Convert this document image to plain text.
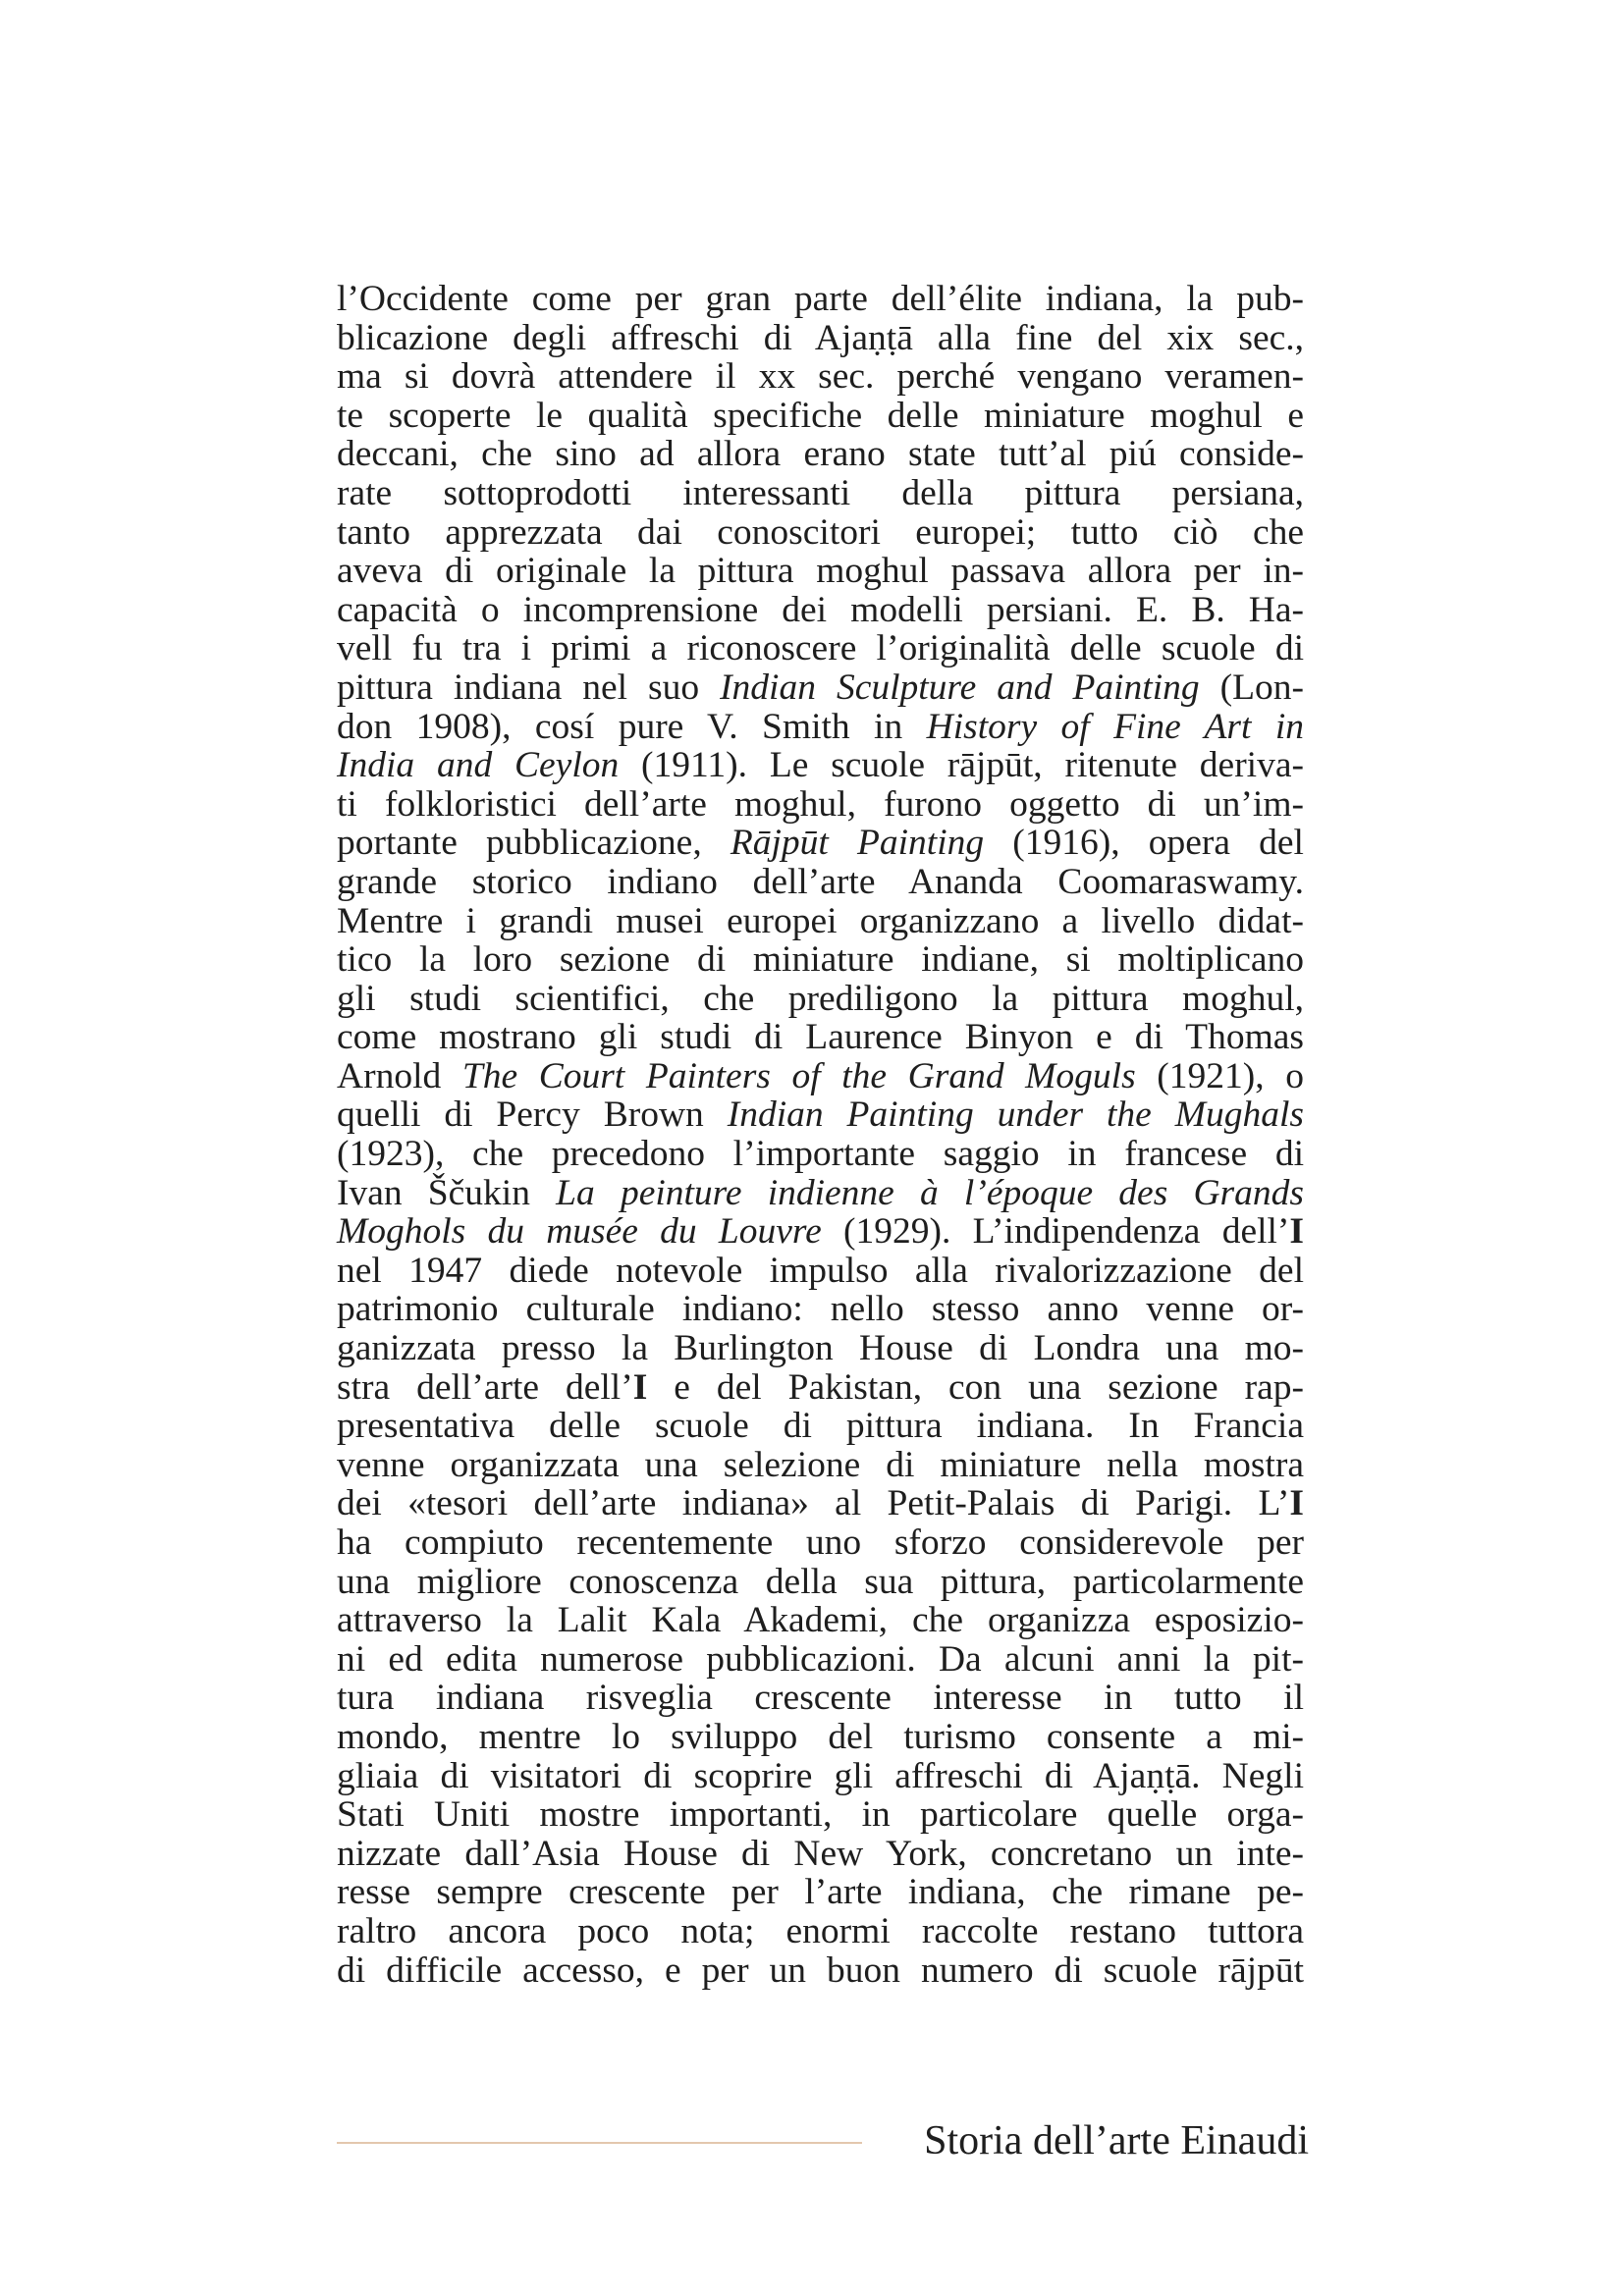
l’Occidente come per gran parte dell’élite indiana, la pub-
blicazione degli affreschi di Ajaṇṭā alla fine del xix sec.,
ma si dovrà attendere il xx sec. perché vengano veramen-
te scoperte le qualità specifiche delle miniature moghul e
deccani, che sino ad allora erano state tutt’al piú conside-
rate sottoprodotti interessanti della pittura persiana,
tanto apprezzata dai conoscitori europei; tutto ciò che
aveva di originale la pittura moghul passava allora per in-
capacità o incomprensione dei modelli persiani. E. B. Ha-
vell fu tra i primi a riconoscere l’originalità delle scuole di
pittura indiana nel suo Indian Sculpture and Painting (Lon-
don 1908), cosí pure V. Smith in History of Fine Art in
India and Ceylon (1911). Le scuole rājpūt, ritenute deriva-
ti folkloristici dell’arte moghul, furono oggetto di un’im-
portante pubblicazione, Rājpūt Painting (1916), opera del
grande storico indiano dell’arte Ananda Coomaraswamy.
Mentre i grandi musei europei organizzano a livello didat-
tico la loro sezione di miniature indiane, si moltiplicano
gli studi scientifici, che prediligono la pittura moghul,
come mostrano gli studi di Laurence Binyon e di Thomas
Arnold The Court Painters of the Grand Moguls (1921), o
quelli di Percy Brown Indian Painting under the Mughals
(1923), che precedono l’importante saggio in francese di
Ivan Ščukin La peinture indienne à l’époque des Grands
Moghols du musée du Louvre (1929). L’indipendenza dell’I
nel 1947 diede notevole impulso alla rivalorizzazione del
patrimonio culturale indiano: nello stesso anno venne or-
ganizzata presso la Burlington House di Londra una mo-
stra dell’arte dell’I e del Pakistan, con una sezione rap-
presentativa delle scuole di pittura indiana. In Francia
venne organizzata una selezione di miniature nella mostra
dei «tesori dell’arte indiana» al Petit-Palais di Parigi. L’I
ha compiuto recentemente uno sforzo considerevole per
una migliore conoscenza della sua pittura, particolarmente
attraverso la Lalit Kala Akademi, che organizza esposizio-
ni ed edita numerose pubblicazioni. Da alcuni anni la pit-
tura indiana risveglia crescente interesse in tutto il
mondo, mentre lo sviluppo del turismo consente a mi-
gliaia di visitatori di scoprire gli affreschi di Ajaṇṭā. Negli
Stati Uniti mostre importanti, in particolare quelle orga-
nizzate dall’Asia House di New York, concretano un inte-
resse sempre crescente per l’arte indiana, che rimane pe-
raltro ancora poco nota; enormi raccolte restano tuttora
di difficile accesso, e per un buon numero di scuole rājpūt
Storia dell’arte Einaudi
